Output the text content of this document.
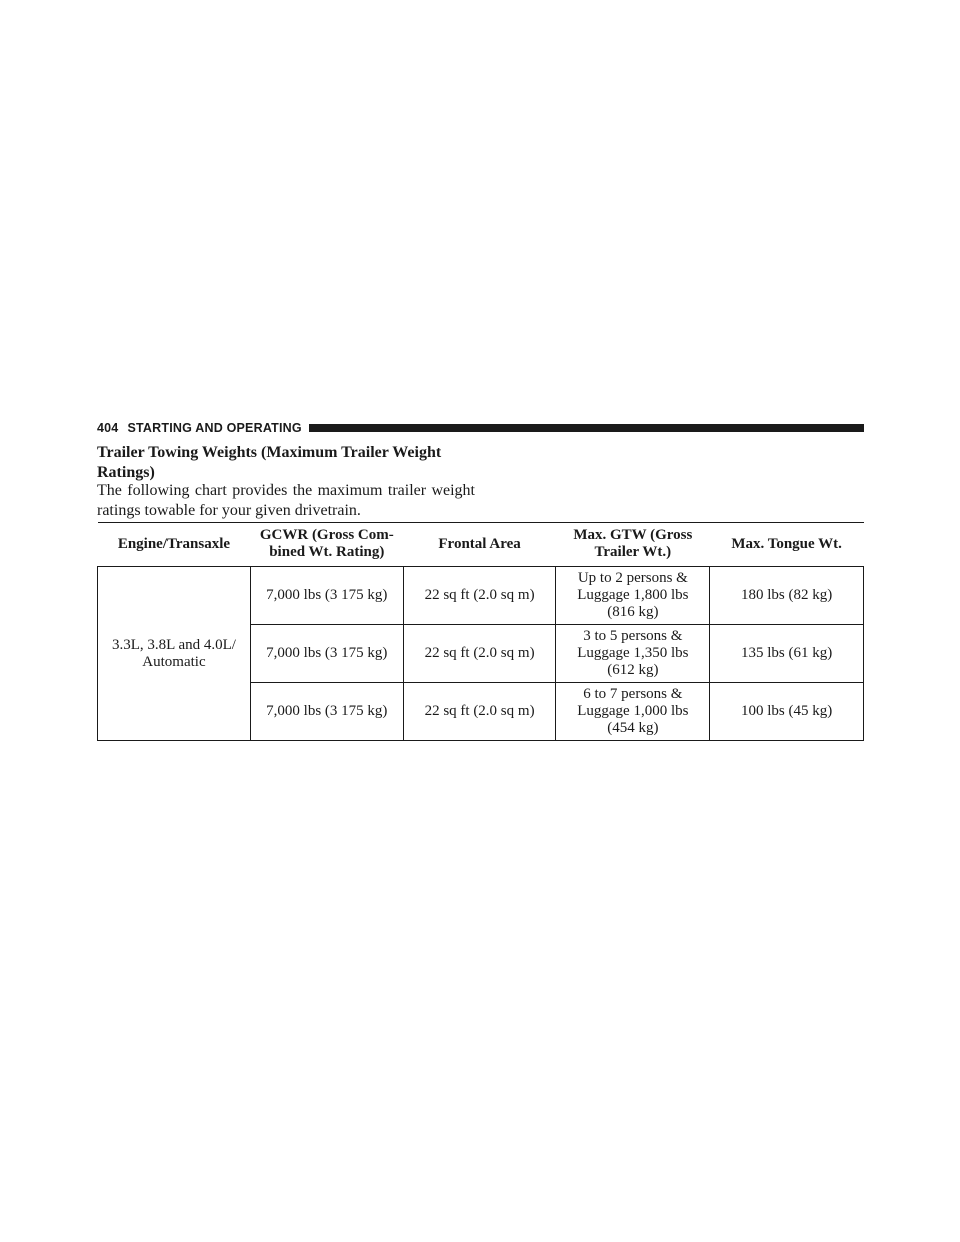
404 STARTING AND OPERATING
Trailer Towing Weights (Maximum Trailer Weight Ratings)

The following chart provides the maximum trailer weight ratings towable for your given drivetrain.

Engine/Transaxle	GCWR (Gross Com- bined Wt. Rating)	Frontal Area	Max. GTW (Gross Trailer Wt.)	Max. Tongue Wt.
3.3L, 3.8L and 4.0L/ Automatic	7,000 lbs (3 175 kg)	22 sq ft (2.0 sq m)	Up to 2 persons & Luggage 1,800 lbs (816 kg)	180 lbs (82 kg)
	7,000 lbs (3 175 kg)	22 sq ft (2.0 sq m)	3 to 5 persons & Luggage 1,350 lbs (612 kg)	135 lbs (61 kg)
	7,000 lbs (3 175 kg)	22 sq ft (2.0 sq m)	6 to 7 persons & Luggage 1,000 lbs (454 kg)	100 lbs (45 kg)
